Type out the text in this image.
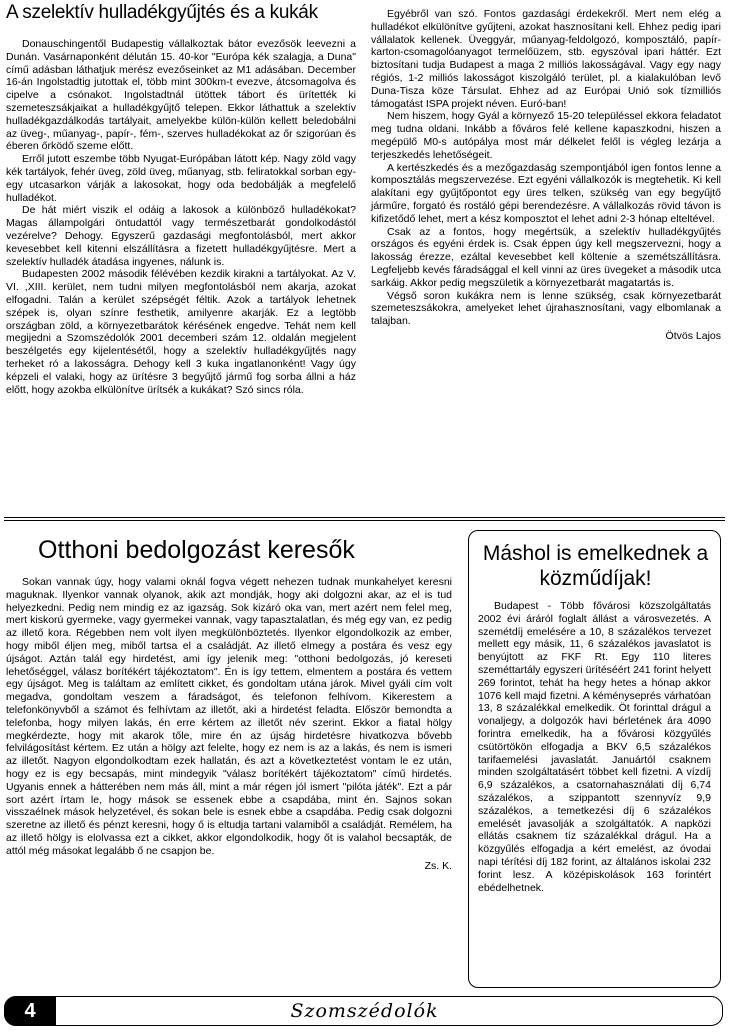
A szelektív hulladékgyűjtés és a kukák

Donauschingentől Budapestig vállalkoztak bátor evezősök leevezni a Dunán. Vasárnaponként délután 15. 40-kor "Európa kék szalagja, a Duna" című adásban láthatjuk merész evezőseinket az M1 adásában. December 16-án Ingolstadtig jutottak el, több mint 300km-t evezve, átcsomagolva és cipelve a csónakot. Ingolstadtnál ütöttek tábort és ürítették ki szemeteszsákjaikat a hulladékgyűjtő telepen. Ekkor láthattuk a szelektív hulladékgazdálkodás tartályait, amelyekbe külön-külön kellett beledobálni az üveg-, műanyag-, papír-, fém-, szerves hulladékokat az őr szigorúan és éberen őrködő szeme előtt.

Erről jutott eszembe több Nyugat-Európában látott kép. Nagy zöld vagy kék tartályok, fehér üveg, zöld üveg, műanyag, stb. feliratokkal sorban egy-egy utcasarkon várják a lakosokat, hogy oda bedobálják a megfelelő hulladékot.

De hát miért viszik el odáig a lakosok a különböző hulladékokat? Magas állampolgári öntudattól vagy természetbarát gondolkodástól vezérelve? Dehogy. Egyszerű gazdasági megfontolásból, mert akkor kevesebbet kell kitenni elszállításra a fizetett hulladékgyűjtésre. Mert a szelektív hulladék átadása ingyenes, nálunk is.

Budapesten 2002 második félévében kezdik kirakni a tartályokat. Az V. VI. ,XIII. kerület, nem tudni milyen megfontolásból nem akarja, azokat elfogadni. Talán a kerület szépségét féltik. Azok a tartályok lehetnek szépek is, olyan színre festhetik, amilyenre akarják. Ez a legtöbb országban zöld, a környezetbarátok kérésének engedve. Tehát nem kell megijedni a Szomszédolók 2001 decemberi szám 12. oldalán megjelent beszélgetés egy kijelentésétől, hogy a szelektív hulladékgyűjtés nagy terheket ró a lakosságra. Dehogy kell 3 kuka ingatlanonként! Vagy úgy képzeli el valaki, hogy az ürítésre 3 begyűjtő jármű fog sorba állni a ház előtt, hogy azokba elkülönítve ürítsék a kukákat? Szó sincs róla.

Egyébről van szó. Fontos gazdasági érdekekről. Mert nem elég a hulladékot elkülönítve gyűjteni, azokat hasznosítani kell. Ehhez pedig ipari vállalatok kellenek. Üveggyár, műanyag-feldolgozó, komposztáló, papír-karton-csomagolóanyagot termelőüzem, stb. egyszóval ipari háttér. Ezt biztosítani tudja Budapest a maga 2 milliós lakosságával. Vagy egy nagy régiós, 1-2 milliós lakosságot kiszolgáló terület, pl. a kialakulóban levő Duna-Tisza köze Társulat. Ehhez ad az Európai Unió sok tízmilliós támogatást ISPA projekt néven. Euró-ban!

Nem hiszem, hogy Gyál a környező 15-20 településsel ekkora feladatot meg tudna oldani. Inkább a főváros felé kellene kapaszkodni, hiszen a megépülő M0-s autópálya most már délkelet felől is végleg lezárja a terjeszkedés lehetőségeit.

A kertészkedés és a mezőgazdaság szempontjából igen fontos lenne a komposztálás megszervezése. Ezt egyéni vállalkozók is megtehetik. Ki kell alakítani egy gyűjtőpontot egy üres telken, szükség van egy begyűjtő járműre, forgató és rostáló gépi berendezésre. A vállalkozás rövid távon is kifizetődő lehet, mert a kész komposztot el lehet adni 2-3 hónap elteltével.

Csak az a fontos, hogy megértsük, a szelektív hulladékgyűjtés országos és egyéni érdek is. Csak éppen úgy kell megszervezni, hogy a lakosság érezze, ezáltal kevesebbet kell költenie a szemétszállításra. Legfeljebb kevés fáradsággal el kell vinni az üres üvegeket a második utca sarkáig. Akkor pedig megszületik a környezetbarát magatartás is.

Végső soron kukákra nem is lenne szükség, csak környezetbarát szemeteszsákokra, amelyeket lehet újrahasznosítani, vagy elbomlanak a talajban.

Ötvös Lajos
Otthoni bedolgozást keresők

Sokan vannak úgy, hogy valami oknál fogva végett nehezen tudnak munkahelyet keresni maguknak. Ilyenkor vannak olyanok, akik azt mondják, hogy aki dolgozni akar, az el is tud helyezkedni. Pedig nem mindig ez az igazság. Sok kizáró oka van, mert azért nem felel meg, mert kiskorú gyermeke, vagy gyermekei vannak, vagy tapasztalatlan, és még egy van, ez pedig az illető kora. Régebben nem volt ilyen megkülönböztetés. Ilyenkor elgondolkozik az ember, hogy miből éljen meg, miből tartsa el a családját. Az illető elmegy a postára és vesz egy újságot. Aztán talál egy hirdetést, ami így jelenik meg: "otthoni bedolgozás, jó kereseti lehetőséggel, válasz borítékért tájékoztatom". Én is így tettem, elmentem a postára és vettem egy újságot. Meg is találtam az említett cikket, és gondoltam utána járok. Mivel gyáli cím volt megadva, gondoltam veszem a fáradságot, és telefonon felhívom. Kikerestem a telefonkönyvből a számot és felhívtam az illetőt, aki a hirdetést feladta. Először bemondta a telefonba, hogy milyen lakás, én erre kértem az illetőt név szerint. Ekkor a fiatal hölgy megkérdezte, hogy mit akarok tőle, mire én az újság hirdetésre hivatkozva bővebb felvilágosítást kértem. Ez után a hölgy azt felelte, hogy ez nem is az a lakás, és nem is ismeri az illetőt. Nagyon elgondolkodtam ezek hallatán, és azt a következtetést vontam le ez után, hogy ez is egy becsapás, mint mindegyik "válasz borítékért tájékoztatom" című hirdetés. Ugyanis ennek a hátterében nem más áll, mint a már régen jól ismert "pilóta játék". Ezt a pár sort azért írtam le, hogy mások se essenek ebbe a csapdába, mint én. Sajnos sokan visszaélnek mások helyzetével, és sokan bele is esnek ebbe a csapdába. Pedig csak dolgozni szeretne az illető és pénzt keresni, hogy ő is eltudja tartani valamiből a családját. Remélem, ha az illető hölgy is elolvassa ezt a cikket, akkor elgondolkodik, hogy őt is valahol becsapták, de attól még másokat legalább ő ne csapjon be.

Zs. K.
Máshol is emelkednek a közműdíjak!

Budapest - Több fővárosi közszolgáltatás 2002 évi áráról foglalt állást a városvezetés. A szemétdíj emelésére a 10, 8 százalékos tervezet mellett egy másik, 11, 6 százalékos javaslatot is benyújtott az FKF Rt. Egy 110 literes szeméttartály egyszeri ürítéséért 241 forint helyett 269 forintot, tehát ha hegy hetes a hónap akkor 1076 kell majd fizetni. A kéményseprés várhatóan 13, 8 százalékkal emelkedik. Öt forinttal drágul a vonaljegy, a dolgozók havi bérletének ára 4090 forintra emelkedik, ha a fővárosi közgyűlés csütörtökön elfogadja a BKV 6,5 százalékos tarifaemelési javaslatát. Januártól csaknem minden szolgáltatásért többet kell fizetni. A vízdíj 6,9 százalékos, a csatornahasználati díj 6,74 százalékos, a szippantott szennyvíz 9,9 százalékos, a temetkezési díj 6 százalékos emelését javasolják a szolgáltatók. A napközi ellátás csaknem tíz százalékkal drágul. Ha a közgyűlés elfogadja a kért emelést, az óvodai napi térítési díj 182 forint, az általános iskolai 232 forint lesz. A középiskolások 163 forintért ebédelhetnek.

4	Szomszédolók
